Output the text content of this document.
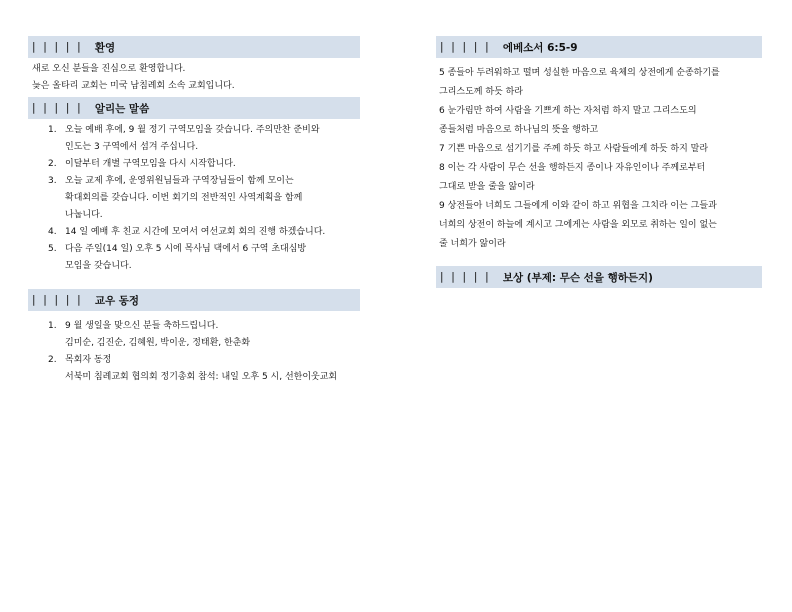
| | | | | 환영
새로 오신 분들을 진심으로 환영합니다.
늦은 올타리 교회는 미국 남침례회 소속 교회입니다.
| | | | | 알리는 말씀
1. 오늘 예배 후에, 9 월 정기 구역모임을 갖습니다. 주의만찬 준비와
인도는 3 구역에서 섬겨 주십니다.
2. 이달부터 개별 구역모임을 다시 시작합니다.
3. 오늘 교제 후에, 운영위원님들과 구역장님들이 함께 모이는
확대회의를 갖습니다. 이번 회기의 전반적인 사역계획을 함께
나눕니다.
4. 14 일 예배 후 친교 시간에 모여서 여선교회 회의 진행 하겠습니다.
5. 다음 주일(14 일) 오후 5 시에 목사님 댁에서 6 구역 초대심방
모임을 갖습니다.
| | | | | 교우 동정
1. 9 월 생일을 맞으신 분들 축하드립니다.
김미순, 김진순, 김혜원, 박이운, 정태환, 한춘화
2. 목회자 동정
서북미 침례교회 협의회 정기총회 참석: 내일 오후 5 시, 선한이웃교회
| | | | | 에베소서 6:5-9
5 종들아 두려워하고 떨며 성실한 마음으로 육체의 상전에게 순종하기를
그리스도께 하듯 하라
6 눈가림만 하여 사람을 기쁘게 하는 자처럼 하지 말고 그리스도의
종들처럼 마음으로 하나님의 뜻을 행하고
7 기쁜 마음으로 섬기기를 주께 하듯 하고 사람들에게 하듯 하지 말라
8 이는 각 사람이 무슨 선을 행하든지 종이나 자유인이나 주께로부터
그대로 받을 줄을 앎이라
9 상전들아 너희도 그들에게 이와 같이 하고 위협을 그치라 이는 그들과
너희의 상전이 하늘에 계시고 그에게는 사람을 외모로 취하는 일이 없는
줄 너희가 앎이라
| | | | | 보상 (부제: 무슨 선을 행하든지)
